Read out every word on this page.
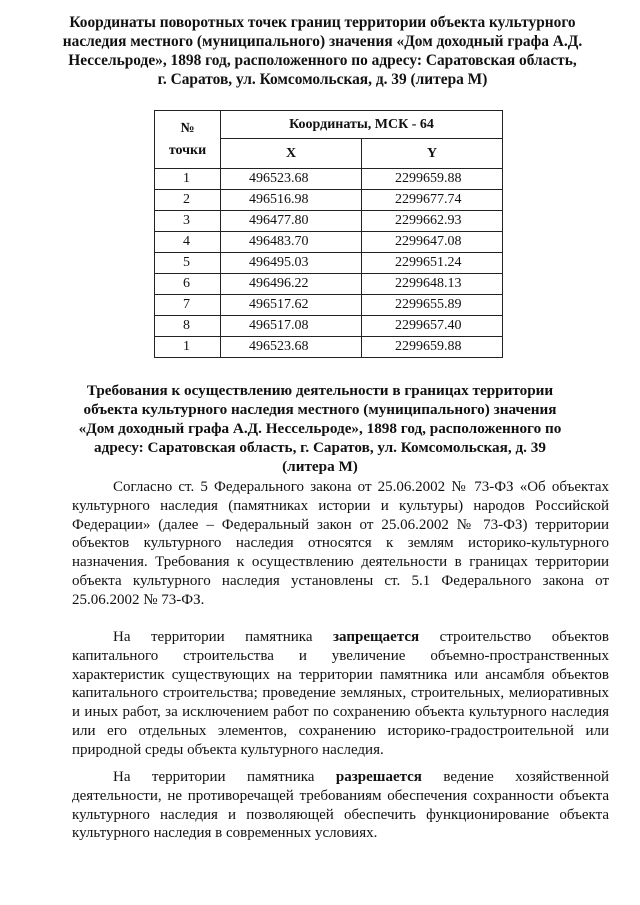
Координаты поворотных точек границ территории объекта культурного
наследия местного (муниципального) значения «Дом доходный графа А.Д.
Нессельроде», 1898 год, расположенного по адресу: Саратовская область,
г. Саратов, ул. Комсомольская, д. 39 (литера М)

№
точки	Координаты, МСК - 64	
	X	Y
1	496523.68	2299659.88
2	496516.98	2299677.74
3	496477.80	2299662.93
4	496483.70	2299647.08
5	496495.03	2299651.24
6	496496.22	2299648.13
7	496517.62	2299655.89
8	496517.08	2299657.40
1	496523.68	2299659.88

Требования к осуществлению деятельности в границах территории
объекта культурного наследия местного (муниципального) значения
«Дом доходный графа А.Д. Нессельроде», 1898 год, расположенного по
адресу: Саратовская область, г. Саратов, ул. Комсомольская, д. 39
(литера М)

Согласно ст. 5 Федерального закона от 25.06.2002 № 73-ФЗ «Об объектах культурного наследия (памятниках истории и культуры) народов Российской Федерации» (далее – Федеральный закон от 25.06.2002 № 73-ФЗ) территории объектов культурного наследия относятся к землям историко-культурного назначения. Требования к осуществлению деятельности в границах территории объекта культурного наследия установлены ст. 5.1 Федерального закона от 25.06.2002 № 73-ФЗ.

На территории памятника запрещается строительство объектов капитального строительства и увеличение объемно-пространственных характеристик существующих на территории памятника или ансамбля объектов капитального строительства; проведение земляных, строительных, мелиоративных и иных работ, за исключением работ по сохранению объекта культурного наследия или его отдельных элементов, сохранению историко-градостроительной или природной среды объекта культурного наследия.

На территории памятника разрешается ведение хозяйственной деятельности, не противоречащей требованиям обеспечения сохранности объекта культурного наследия и позволяющей обеспечить функционирование объекта культурного наследия в современных условиях.
